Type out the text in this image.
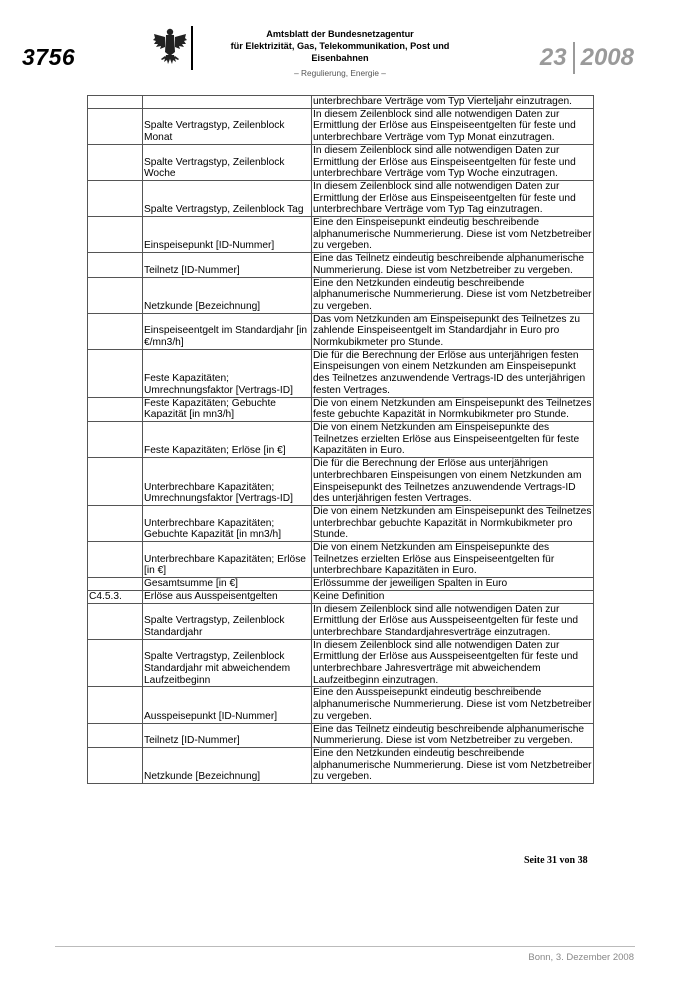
3756
Amtsblatt der Bundesnetzagentur
für Elektrizität, Gas, Telekommunikation, Post und Eisenbahnen
– Regulierung, Energie –
23 2008
		unterbrechbare Verträge vom Typ Vierteljahr einzutragen.
	Spalte Vertragstyp, Zeilenblock Monat	In diesem Zeilenblock sind alle notwendigen Daten zur Ermittlung der Erlöse aus Einspeiseentgelten für feste und unterbrechbare Verträge vom Typ Monat einzutragen.
	Spalte Vertragstyp, Zeilenblock Woche	In diesem Zeilenblock sind alle notwendigen Daten zur Ermittlung der Erlöse aus Einspeiseentgelten für feste und unterbrechbare Verträge vom Typ Woche einzutragen.
	Spalte Vertragstyp, Zeilenblock Tag	In diesem Zeilenblock sind alle notwendigen Daten zur Ermittlung der Erlöse aus Einspeiseentgelten für feste und unterbrechbare Verträge vom Typ Tag einzutragen.
	Einspeisepunkt [ID-Nummer]	Eine den Einspeisepunkt eindeutig beschreibende alphanumerische Nummerierung. Diese ist vom Netzbetreiber zu vergeben.
	Teilnetz [ID-Nummer]	Eine das Teilnetz eindeutig beschreibende alphanumerische Nummerierung. Diese ist vom Netzbetreiber zu vergeben.
	Netzkunde [Bezeichnung]	Eine den Netzkunden eindeutig beschreibende alphanumerische Nummerierung. Diese ist vom Netzbetreiber zu vergeben.
	Einspeiseentgelt im Standardjahr [in €/mn3/h]	Das vom Netzkunden am Einspeisepunkt des Teilnetzes zu zahlende Einspeiseentgelt im Standardjahr in Euro pro Normkubikmeter pro Stunde.
	Feste Kapazitäten; Umrechnungsfaktor [Vertrags-ID]	Die für die Berechnung der Erlöse aus unterjährigen festen Einspeisungen von einem Netzkunden am Einspeisepunkt des Teilnetzes anzuwendende Vertrags-ID des unterjährigen festen Vertrages.
	Feste Kapazitäten; Gebuchte Kapazität [in mn3/h]	Die von einem Netzkunden am Einspeisepunkt des Teilnetzes feste gebuchte Kapazität in Normkubikmeter pro Stunde.
	Feste Kapazitäten; Erlöse [in €]	Die von einem Netzkunden am Einspeisepunkte des Teilnetzes erzielten Erlöse aus Einspeiseentgelten für feste Kapazitäten in Euro.
	Unterbrechbare Kapazitäten; Umrechnungsfaktor [Vertrags-ID]	Die für die Berechnung der Erlöse aus unterjährigen unterbrechbaren Einspeisungen von einem Netzkunden am Einspeisepunkt des Teilnetzes anzuwendende Vertrags-ID des unterjährigen festen Vertrages.
	Unterbrechbare Kapazitäten; Gebuchte Kapazität [in mn3/h]	Die von einem Netzkunden am Einspeisepunkt des Teilnetzes unterbrechbar gebuchte Kapazität in Normkubikmeter pro Stunde.
	Unterbrechbare Kapazitäten; Erlöse [in €]	Die von einem Netzkunden am Einspeisepunkte des Teilnetzes erzielten Erlöse aus Einspeiseentgelten für unterbrechbare Kapazitäten in Euro.
	Gesamtsumme [in €]	Erlössumme der jeweiligen Spalten in Euro
C4.5.3.	Erlöse aus Ausspeisentgelten	Keine Definition
	Spalte Vertragstyp, Zeilenblock Standardjahr	In diesem Zeilenblock sind alle notwendigen Daten zur Ermittlung der Erlöse aus Ausspeiseentgelten für feste und unterbrechbare Standardjahresverträge einzutragen.
	Spalte Vertragstyp, Zeilenblock Standardjahr mit abweichendem Laufzeitbeginn	In diesem Zeilenblock sind alle notwendigen Daten zur Ermittlung der Erlöse aus Ausspeiseentgelten für feste und unterbrechbare Jahresverträge mit abweichendem Laufzeitbeginn einzutragen.
	Ausspeisepunkt [ID-Nummer]	Eine den Ausspeisepunkt eindeutig beschreibende alphanumerische Nummerierung. Diese ist vom Netzbetreiber zu vergeben.
	Teilnetz [ID-Nummer]	Eine das Teilnetz eindeutig beschreibende alphanumerische Nummerierung. Diese ist vom Netzbetreiber zu vergeben.
	Netzkunde [Bezeichnung]	Eine den Netzkunden eindeutig beschreibende alphanumerische Nummerierung. Diese ist vom Netzbetreiber zu vergeben.
Seite 31 von 38
Bonn, 3. Dezember 2008
